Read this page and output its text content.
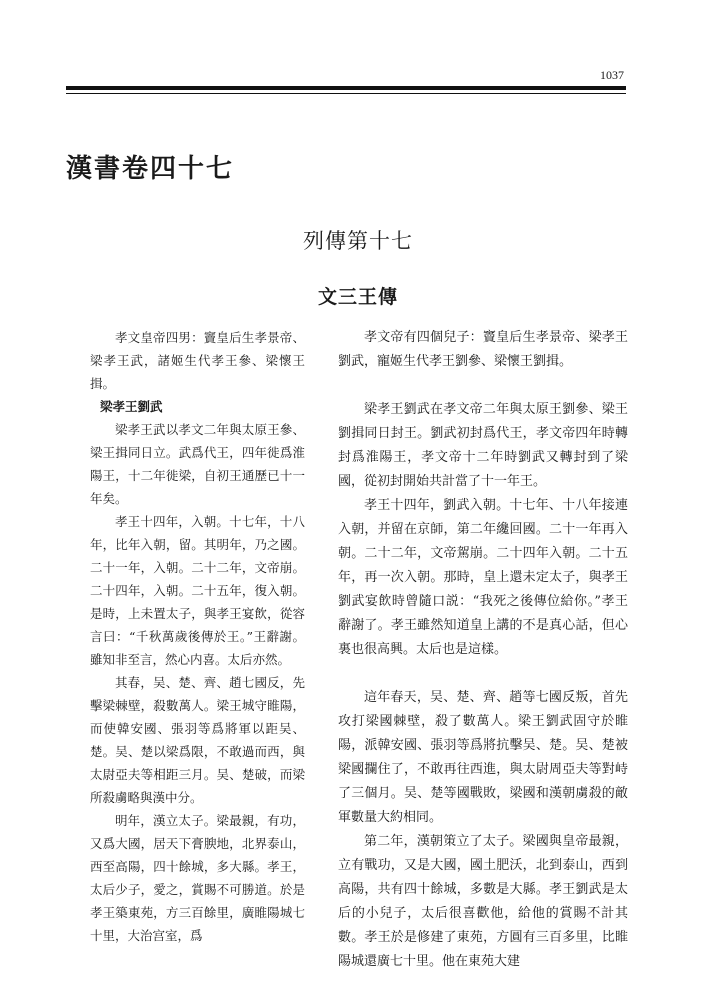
1037
漢書卷四十七
列傳第十七
文三王傳

孝文皇帝四男：竇皇后生孝景帝、梁孝王武，諸姬生代孝王參、梁懷王揖。

梁孝王劉武

梁孝王武以孝文二年與太原王參、梁王揖同日立。武爲代王，四年徙爲淮陽王，十二年徙梁，自初王通歷已十一年矣。

孝王十四年，入朝。十七年，十八年，比年入朝，留。其明年，乃之國。二十一年，入朝。二十二年，文帝崩。二十四年，入朝。二十五年，復入朝。是時，上未置太子，與孝王宴飲，從容言曰：“千秋萬歲後傳於王。”王辭謝。雖知非至言，然心内喜。太后亦然。

其春，吴、楚、齊、趙七國反，先擊梁棘壁，殺數萬人。梁王城守睢陽，而使韓安國、張羽等爲將軍以距吴、楚。吴、楚以梁爲限，不敢過而西，與太尉亞夫等相距三月。吴、楚破，而梁所殺虜略與漢中分。

明年，漢立太子。梁最親，有功，又爲大國，居天下膏腴地，北界泰山，西至高陽，四十餘城，多大縣。孝王，太后少子，愛之，賞賜不可勝道。於是孝王築東苑，方三百餘里，廣睢陽城七十里，大治宫室，爲

孝文帝有四個兒子：竇皇后生孝景帝、梁孝王劉武，寵姬生代孝王劉參、梁懷王劉揖。

梁孝王劉武在孝文帝二年與太原王劉參、梁王劉揖同日封王。劉武初封爲代王，孝文帝四年時轉封爲淮陽王，孝文帝十二年時劉武又轉封到了梁國，從初封開始共計當了十一年王。

孝王十四年，劉武入朝。十七年、十八年接連入朝，并留在京師，第二年纔回國。二十一年再入朝。二十二年，文帝駕崩。二十四年入朝。二十五年，再一次入朝。那時，皇上還未定太子，與孝王劉武宴飲時曾隨口説：“我死之後傳位給你。”孝王辭謝了。孝王雖然知道皇上講的不是真心話，但心裏也很高興。太后也是這樣。

這年春天，吴、楚、齊、趙等七國反叛，首先攻打梁國棘壁，殺了數萬人。梁王劉武固守於睢陽，派韓安國、張羽等爲將抗擊吴、楚。吴、楚被梁國攔住了，不敢再往西進，與太尉周亞夫等對峙了三個月。吴、楚等國戰敗，梁國和漢朝虜殺的敵軍數量大約相同。

第二年，漢朝策立了太子。梁國與皇帝最親，立有戰功，又是大國，國土肥沃，北到泰山，西到高陽，共有四十餘城，多數是大縣。孝王劉武是太后的小兒子，太后很喜歡他，給他的賞賜不計其數。孝王於是修建了東苑，方圓有三百多里，比睢陽城還廣七十里。他在東苑大建
